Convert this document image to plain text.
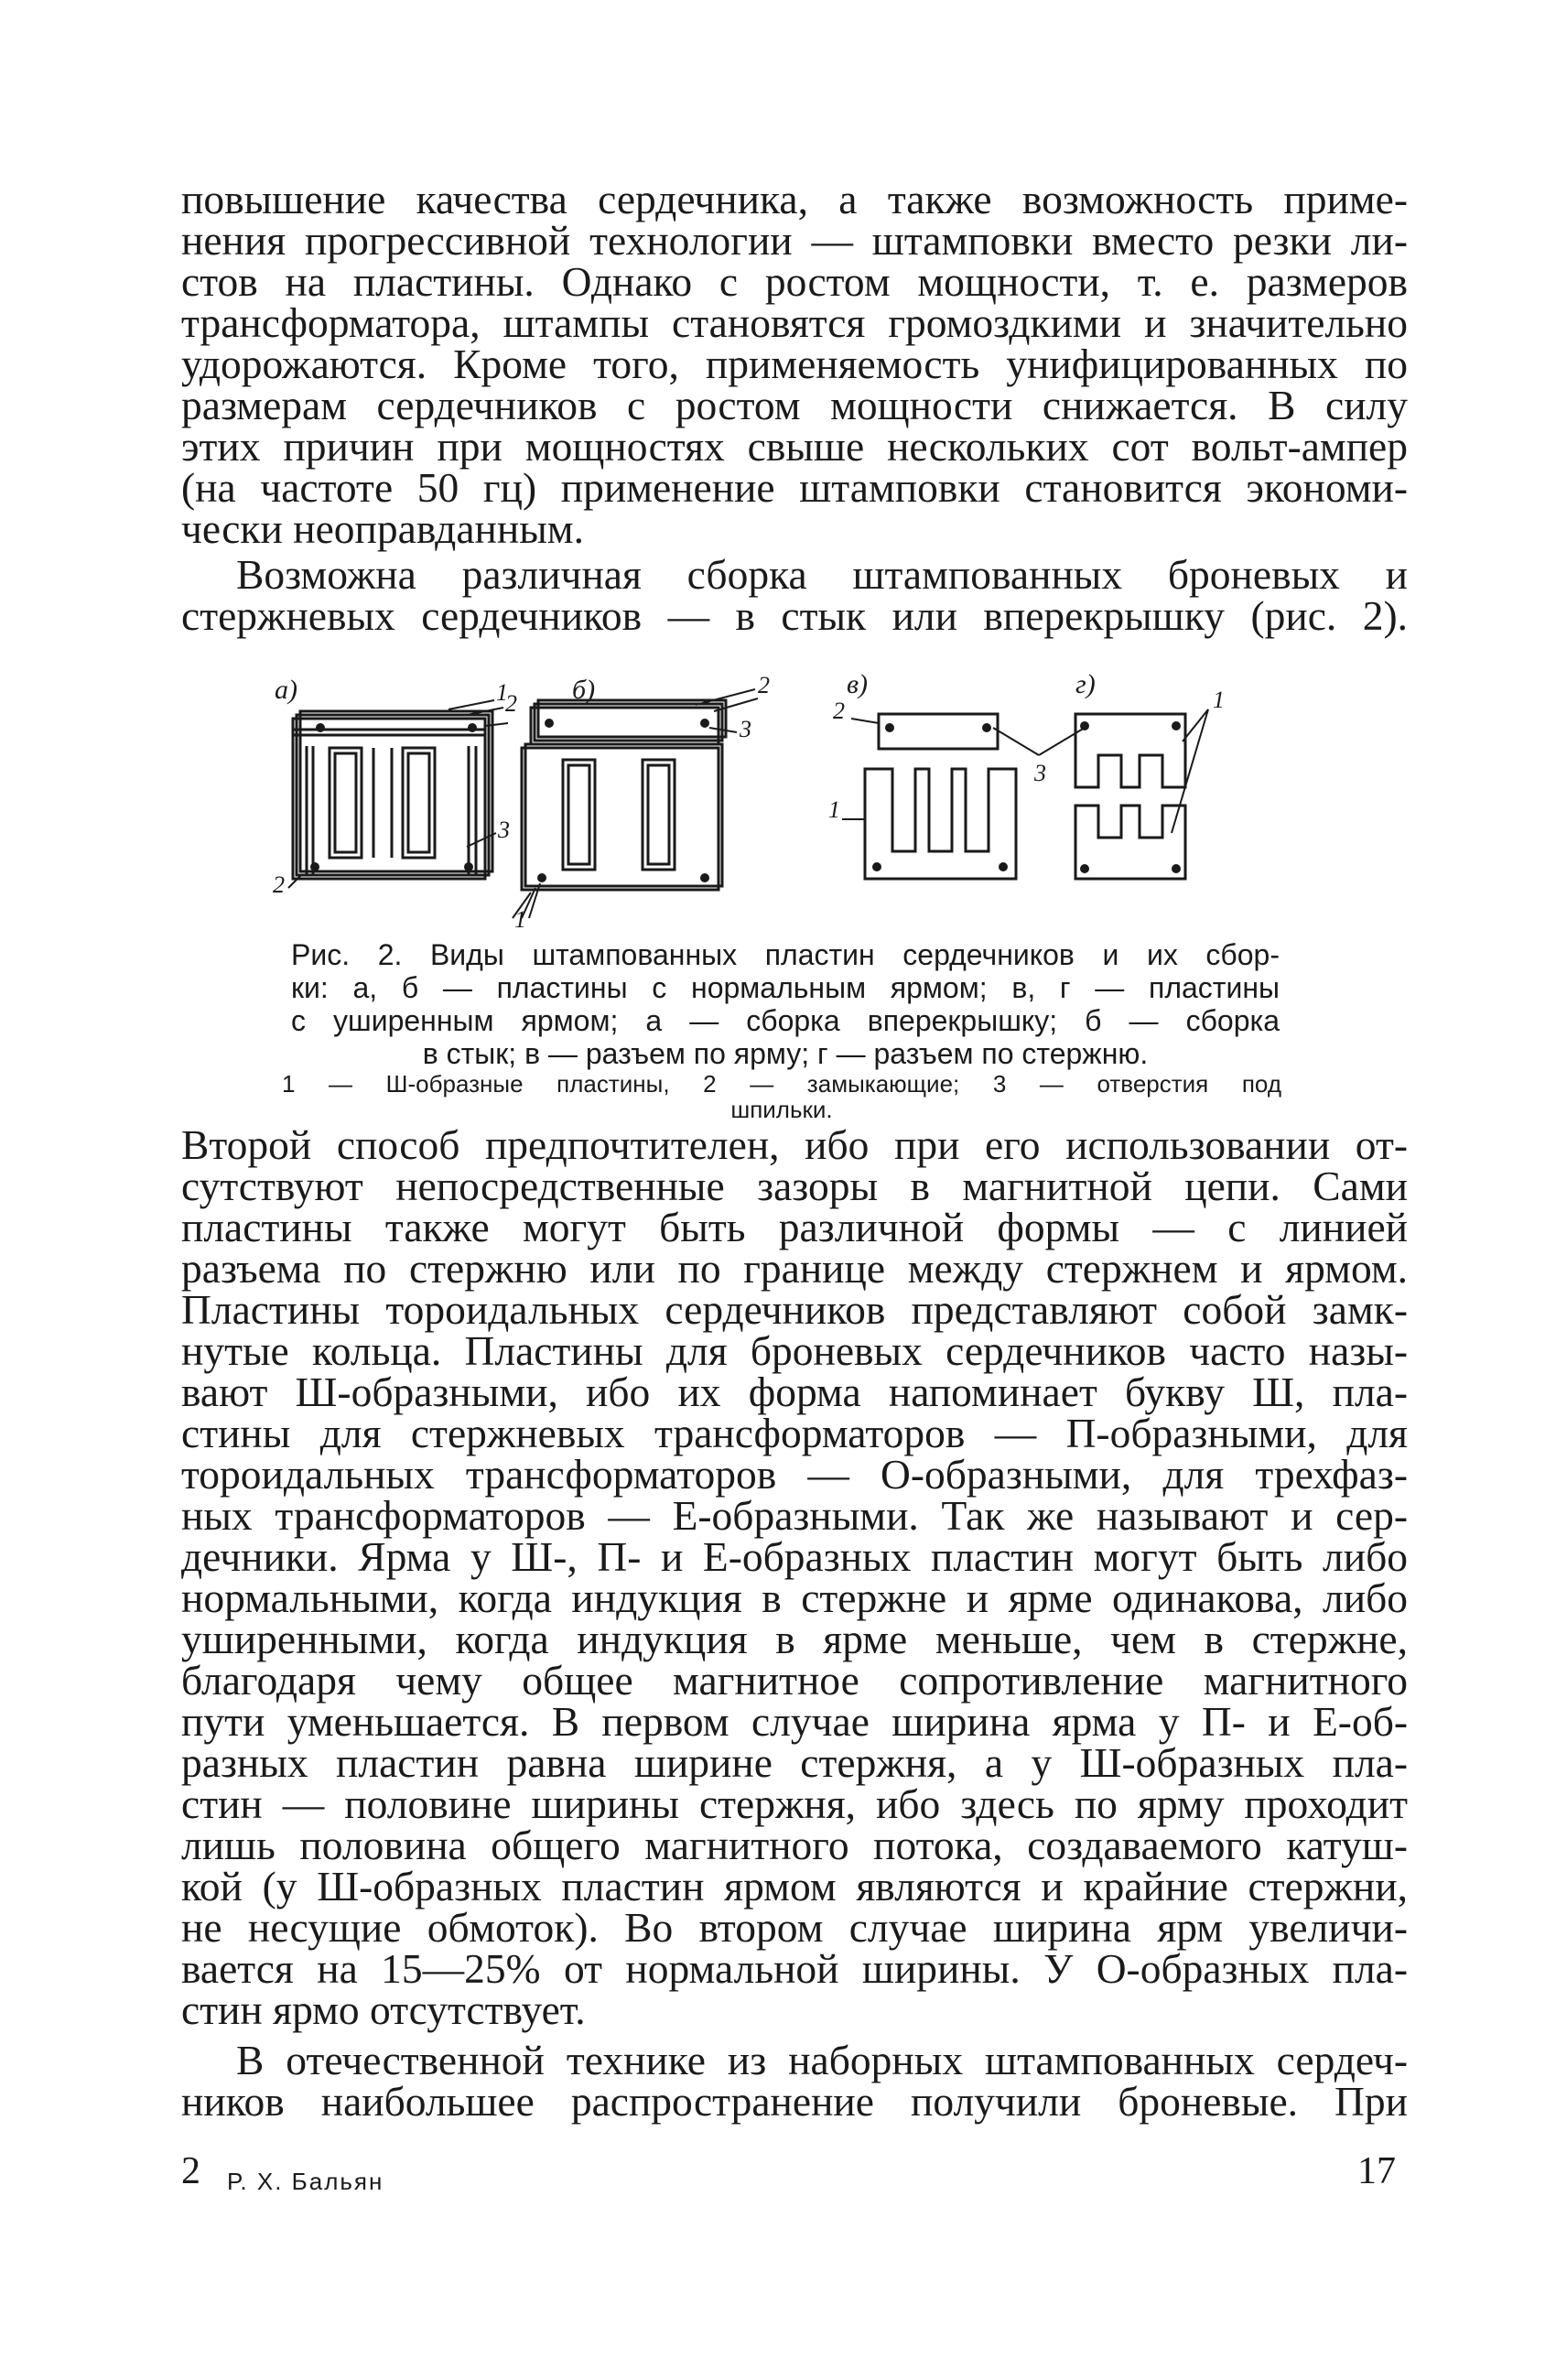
повышение качества сердечника, а также возможность приме-
нения прогрессивной технологии — штамповки вместо резки ли-
стов на пластины. Однако с ростом мощности, т. е. размеров
трансформатора, штампы становятся громоздкими и значительно
удорожаются. Кроме того, применяемость унифицированных по
размерам сердечников с ростом мощности снижается. В силу
этих причин при мощностях свыше нескольких сот вольт-ампер
(на частоте 50 гц) применение штамповки становится экономи-
чески неоправданным.

Возможна различная сборка штампованных броневых и
стержневых сердечников — в стык или вперекрышку (рис. 2).

а)	б)	в)	г)
1
2
3
2
2
3
1
2
1
3
1

Рис. 2. Виды штампованных пластин сердечников и их сбор-
ки: а, б — пластины с нормальным ярмом; в, г — пластины
с уширенным ярмом; а — сборка вперекрышку; б — сборка
в стык; в — разъем по ярму; г — разъем по стержню.

1 — Ш-образные пластины, 2 — замыкающие; 3 — отверстия под
шпильки.

Второй способ предпочтителен, ибо при его использовании от-
сутствуют непосредственные зазоры в магнитной цепи. Сами
пластины также могут быть различной формы — с линией
разъема по стержню или по границе между стержнем и ярмом.
Пластины тороидальных сердечников представляют собой замк-
нутые кольца. Пластины для броневых сердечников часто назы-
вают Ш-образными, ибо их форма напоминает букву Ш, пла-
стины для стержневых трансформаторов — П-образными, для
тороидальных трансформаторов — О-образными, для трехфаз-
ных трансформаторов — Е-образными. Так же называют и сер-
дечники. Ярма у Ш-, П- и Е-образных пластин могут быть либо
нормальными, когда индукция в стержне и ярме одинакова, либо
уширенными, когда индукция в ярме меньше, чем в стержне,
благодаря чему общее магнитное сопротивление магнитного
пути уменьшается. В первом случае ширина ярма у П- и Е-об-
разных пластин равна ширине стержня, а у Ш-образных пла-
стин — половине ширины стержня, ибо здесь по ярму проходит
лишь половина общего магнитного потока, создаваемого катуш-
кой (у Ш-образных пластин ярмом являются и крайние стержни,
не несущие обмоток). Во втором случае ширина ярм увеличи-
вается на 15—25% от нормальной ширины. У О-образных пла-
стин ярмо отсутствует.

В отечественной технике из наборных штампованных сердеч-
ников наибольшее распространение получили броневые. При

2 Р. Х. Бальян	17
